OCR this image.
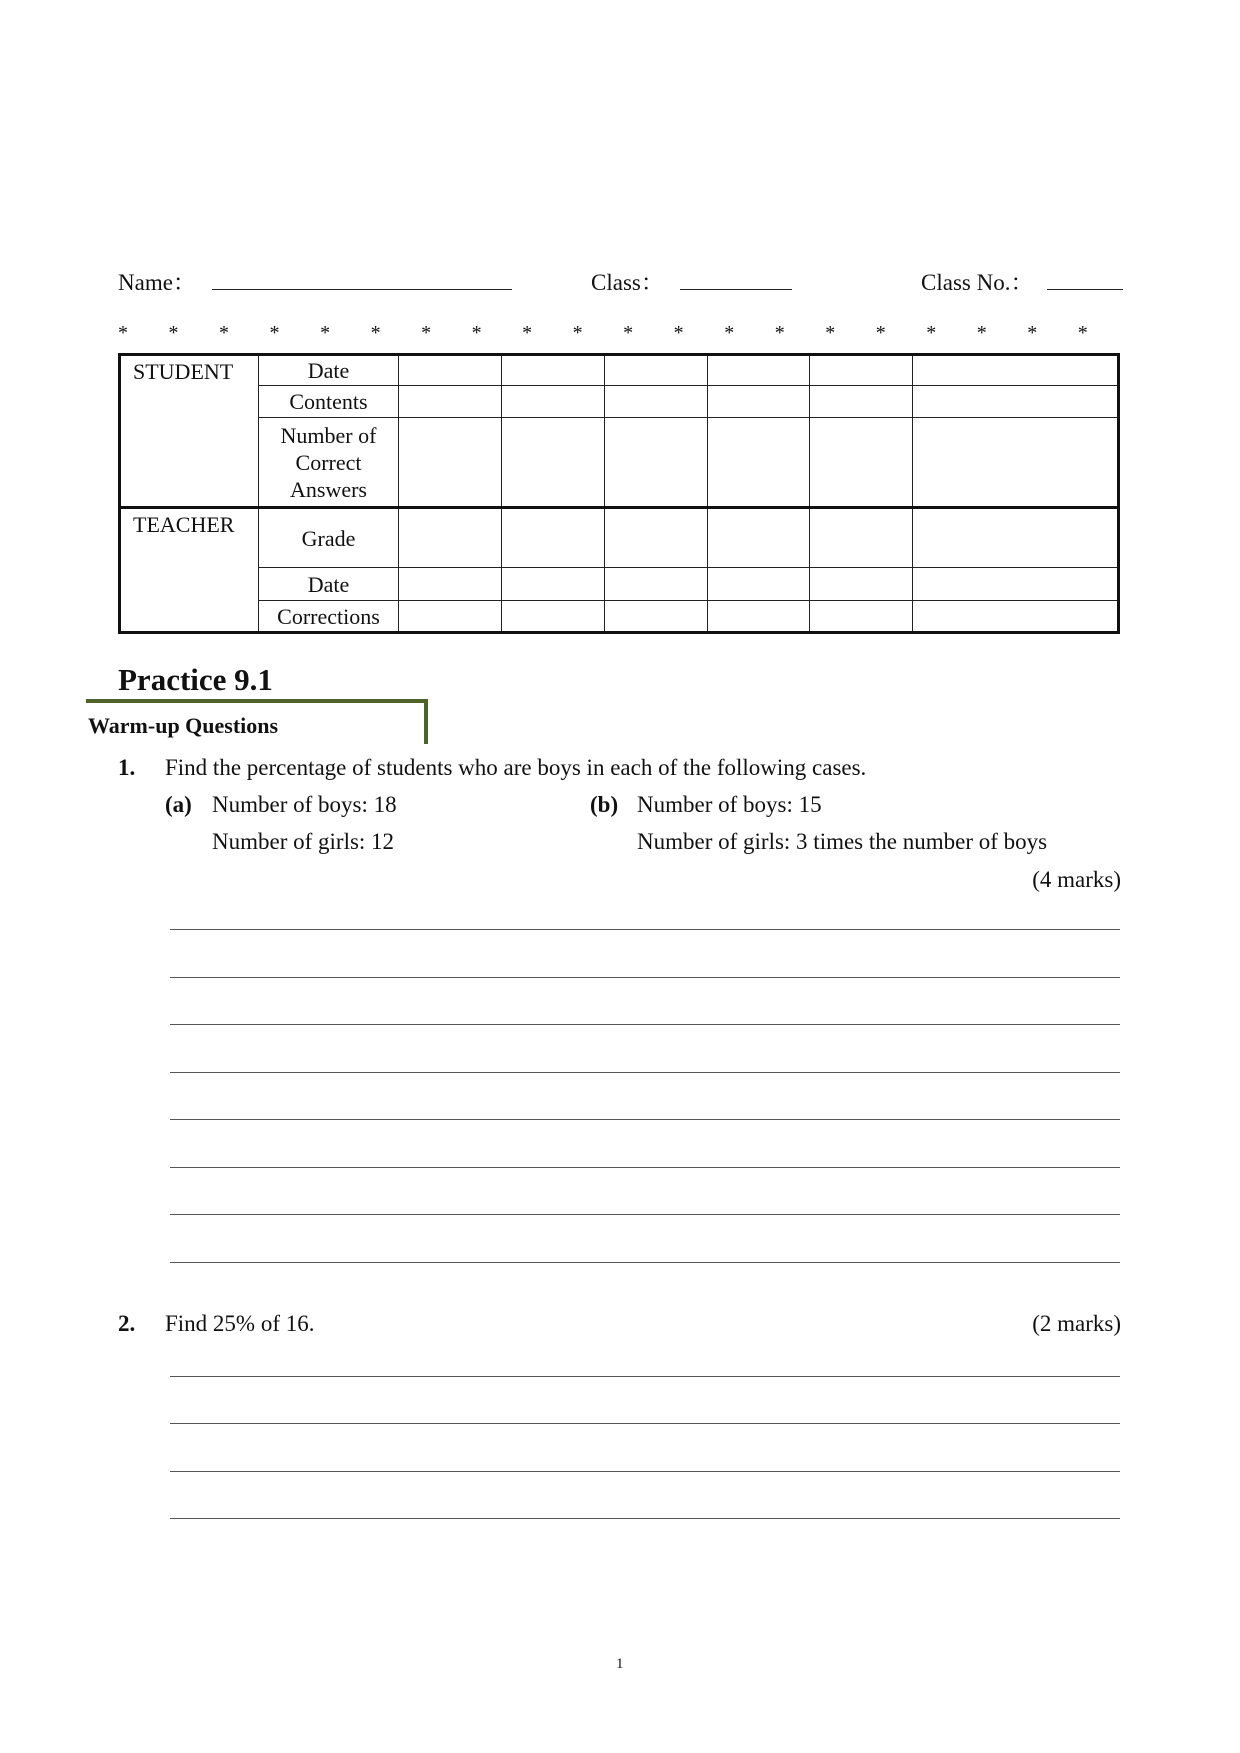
Name：	Class：	Class No.：
* * * * * * * * * * * * * * * * * * * *
STUDENT	Date						
	Contents						
	Number of Correct Answers						
TEACHER	Grade						
	Date						
	Corrections						
Practice 9.1
Warm-up Questions
1. Find the percentage of students who are boys in each of the following cases.
(a) Number of boys: 18
Number of girls: 12
(b) Number of boys: 15
Number of girls: 3 times the number of boys
(4 marks)
2. Find 25% of 16.	(2 marks)
1
